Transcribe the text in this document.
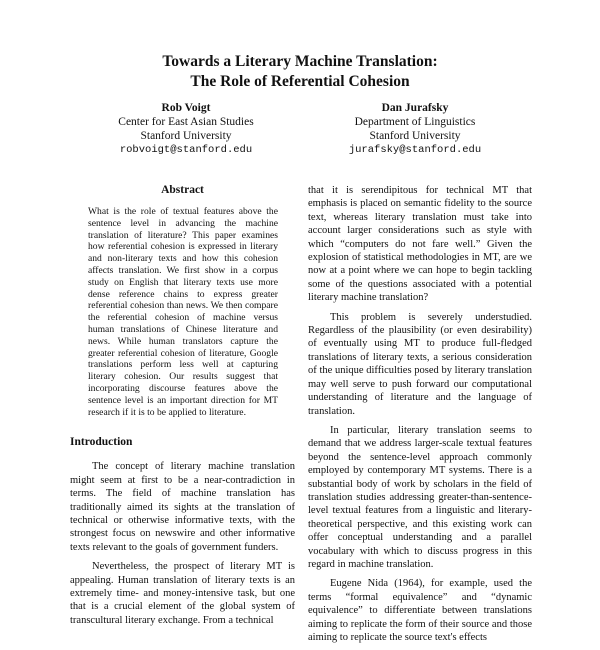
Towards a Literary Machine Translation:
The Role of Referential Cohesion
Rob Voigt
Center for East Asian Studies
Stanford University
robvoigt@stanford.edu
Dan Jurafsky
Department of Linguistics
Stanford University
jurafsky@stanford.edu
Abstract
What is the role of textual features above the sentence level in advancing the machine translation of literature? This paper examines how referential cohesion is expressed in literary and non-literary texts and how this cohesion affects translation. We first show in a corpus study on English that literary texts use more dense reference chains to express greater referential cohesion than news. We then compare the referential cohesion of machine versus human translations of Chinese literature and news. While human translators capture the greater referential cohesion of literature, Google translations perform less well at capturing literary cohesion. Our results suggest that incorporating discourse features above the sentence level is an important direction for MT research if it is to be applied to literature.
Introduction

The concept of literary machine translation might seem at first to be a near-contradiction in terms. The field of machine translation has traditionally aimed its sights at the translation of technical or otherwise informative texts, with the strongest focus on newswire and other informative texts relevant to the goals of government funders.

Nevertheless, the prospect of literary MT is appealing. Human translation of literary texts is an extremely time- and money-intensive task, but one that is a crucial element of the global system of transcultural literary exchange. From a technical

that it is serendipitous for technical MT that emphasis is placed on semantic fidelity to the source text, whereas literary translation must take into account larger considerations such as style with which “computers do not fare well.” Given the explosion of statistical methodologies in MT, are we now at a point where we can hope to begin tackling some of the questions associated with a potential literary machine translation?

This problem is severely understudied. Regardless of the plausibility (or even desirability) of eventually using MT to produce full-fledged translations of literary texts, a serious consideration of the unique difficulties posed by literary translation may well serve to push forward our computational understanding of literature and the language of translation.

In particular, literary translation seems to demand that we address larger-scale textual features beyond the sentence-level approach commonly employed by contemporary MT systems. There is a substantial body of work by scholars in the field of translation studies addressing greater-than-sentence-level textual features from a linguistic and literary-theoretical perspective, and this existing work can offer conceptual understanding and a parallel vocabulary with which to discuss progress in this regard in machine translation.

Eugene Nida (1964), for example, used the terms “formal equivalence” and “dynamic equivalence” to differentiate between translations aiming to replicate the form of their source and those aiming to replicate the source text's effects
